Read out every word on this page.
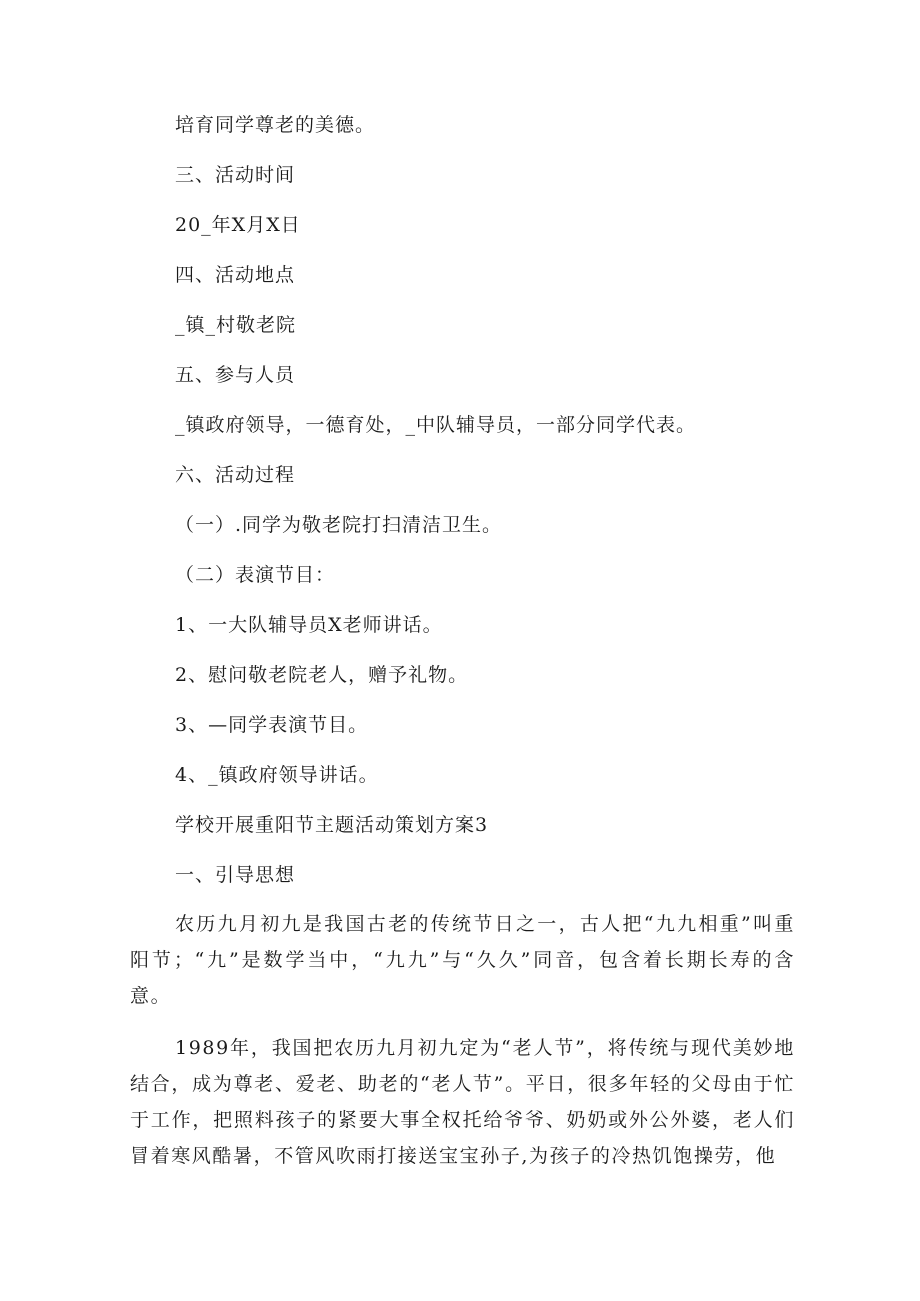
培育同学尊老的美德。
三、活动时间
20_年X月X日
四、活动地点
_镇_村敬老院
五、参与人员
_镇政府领导，一德育处，_中队辅导员，一部分同学代表。
六、活动过程
（一）.同学为敬老院打扫清洁卫生。
（二）表演节目：
1、一大队辅导员X老师讲话。
2、慰问敬老院老人，赠予礼物。
3、—同学表演节目。
4、_镇政府领导讲话。
学校开展重阳节主题活动策划方案3
一、引导思想

农历九月初九是我国古老的传统节日之一，古人把“九九相重”叫重阳节；“九”是数学当中，“九九”与“久久”同音，包含着长期长寿的含意。

1989年，我国把农历九月初九定为“老人节”，将传统与现代美妙地结合，成为尊老、爱老、助老的“老人节”。平日，很多年轻的父母由于忙于工作，把照料孩子的紧要大事全权托给爷爷、奶奶或外公外婆，老人们冒着寒风酷暑，不管风吹雨打接送宝宝孙子,为孩子的冷热饥饱操劳，他
